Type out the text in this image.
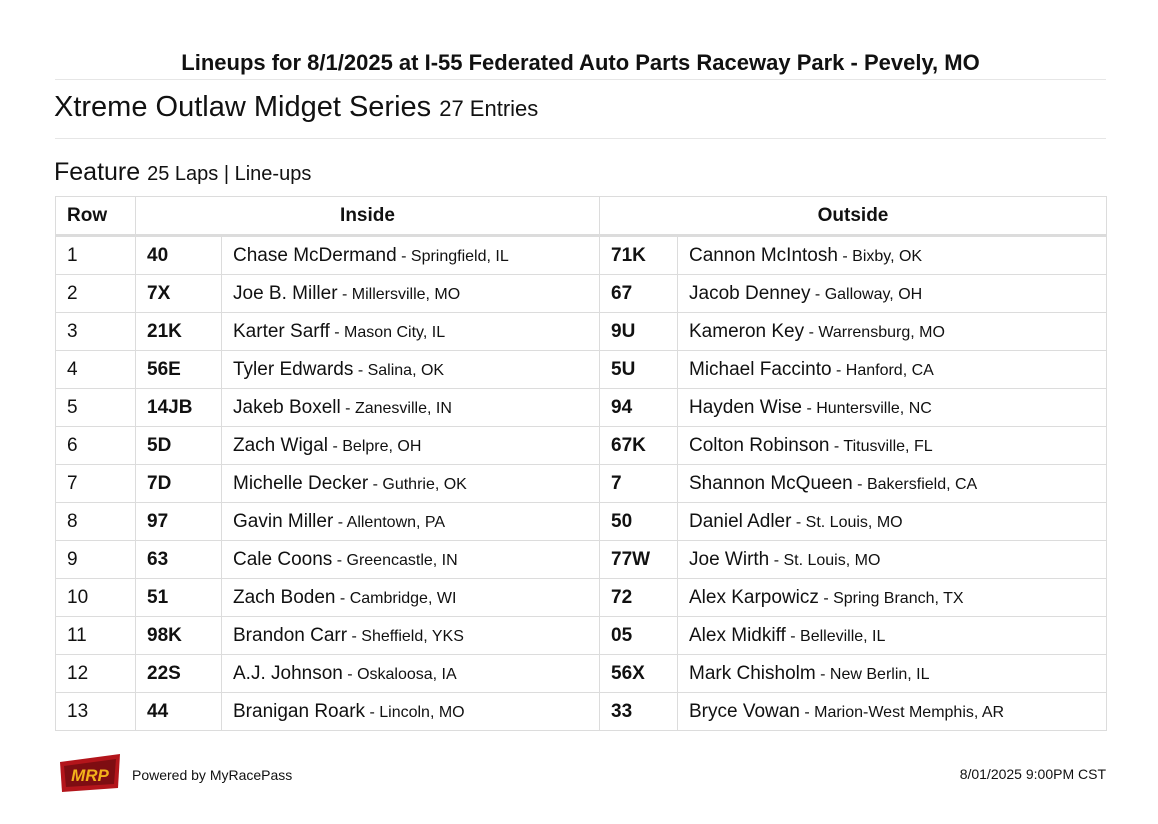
Lineups for 8/1/2025 at I-55 Federated Auto Parts Raceway Park - Pevely, MO
Xtreme Outlaw Midget Series 27 Entries
Feature 25 Laps | Line-ups
Row	Inside		Outside	
1	40	Chase McDermand - Springfield, IL	71K	Cannon McIntosh - Bixby, OK
2	7X	Joe B. Miller - Millersville, MO	67	Jacob Denney - Galloway, OH
3	21K	Karter Sarff - Mason City, IL	9U	Kameron Key - Warrensburg, MO
4	56E	Tyler Edwards - Salina, OK	5U	Michael Faccinto - Hanford, CA
5	14JB	Jakeb Boxell - Zanesville, IN	94	Hayden Wise - Huntersville, NC
6	5D	Zach Wigal - Belpre, OH	67K	Colton Robinson - Titusville, FL
7	7D	Michelle Decker - Guthrie, OK	7	Shannon McQueen - Bakersfield, CA
8	97	Gavin Miller - Allentown, PA	50	Daniel Adler - St. Louis, MO
9	63	Cale Coons - Greencastle, IN	77W	Joe Wirth - St. Louis, MO
10	51	Zach Boden - Cambridge, WI	72	Alex Karpowicz - Spring Branch, TX
11	98K	Brandon Carr - Sheffield, YKS	05	Alex Midkiff - Belleville, IL
12	22S	A.J. Johnson - Oskaloosa, IA	56X	Mark Chisholm - New Berlin, IL
13	44	Branigan Roark - Lincoln, MO	33	Bryce Vowan - Marion-West Memphis, AR
MRP Powered by MyRacePass	8/01/2025 9:00PM CST
